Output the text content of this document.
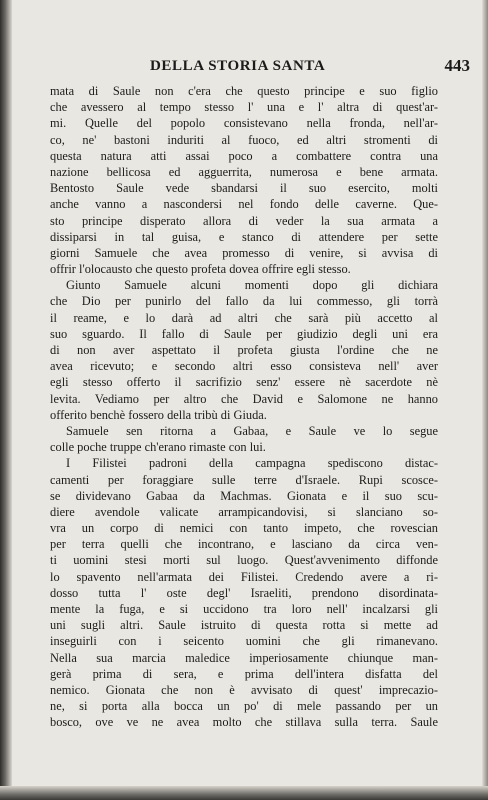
DELLA STORIA SANTA	443
mata di Saule non c'era che questo principe e suo figlio
che avessero al tempo stesso l' una e l' altra di quest'ar-
mi. Quelle del popolo consistevano nella fronda, nell'ar-
co, ne' bastoni induriti al fuoco, ed altri stromenti di
questa natura atti assai poco a combattere contra una
nazione bellicosa ed agguerrita, numerosa e bene armata.
Bentosto Saule vede sbandarsi il suo esercito, molti
anche vanno a nascondersi nel fondo delle caverne. Que-
sto principe disperato allora di veder la sua armata a
dissiparsi in tal guisa, e stanco di attendere per sette
giorni Samuele che avea promesso di venire, si avvisa di
offrir l'olocausto che questo profeta dovea offrire egli stesso.
Giunto Samuele alcuni momenti dopo gli dichiara
che Dio per punirlo del fallo da lui commesso, gli torrà
il reame, e lo darà ad altri che sarà più accetto al
suo sguardo. Il fallo di Saule per giudizio degli uni era
di non aver aspettato il profeta giusta l'ordine che ne
avea ricevuto; e secondo altri esso consisteva nell' aver
egli stesso offerto il sacrifizio senz' essere nè sacerdote nè
levita. Vediamo per altro che David e Salomone ne hanno
offerito benchè fossero della tribù di Giuda.
Samuele sen ritorna a Gabaa, e Saule ve lo segue
colle poche truppe ch'erano rimaste con lui.
I Filistei padroni della campagna spediscono distac-
camenti per foraggiare sulle terre d'Israele. Rupi scosce-
se dividevano Gabaa da Machmas. Gionata e il suo scu-
diere avendole valicate arrampicandovisi, si slanciano so-
vra un corpo di nemici con tanto impeto, che rovescian
per terra quelli che incontrano, e lasciano da circa ven-
ti uomini stesi morti sul luogo. Quest'avvenimento diffonde
lo spavento nell'armata dei Filistei. Credendo avere a ri-
dosso tutta l' oste degl' Israeliti, prendono disordinata-
mente la fuga, e si uccidono tra loro nell' incalzarsi gli
uni sugli altri. Saule istruito di questa rotta si mette ad
inseguirli con i seicento uomini che gli rimanevano.
Nella sua marcia maledice imperiosamente chiunque man-
gerà prima di sera, e prima dell'intera disfatta del
nemico. Gionata che non è avvisato di quest' imprecazio-
ne, si porta alla bocca un po' di mele passando per un
bosco, ove ve ne avea molto che stillava sulla terra. Saule
